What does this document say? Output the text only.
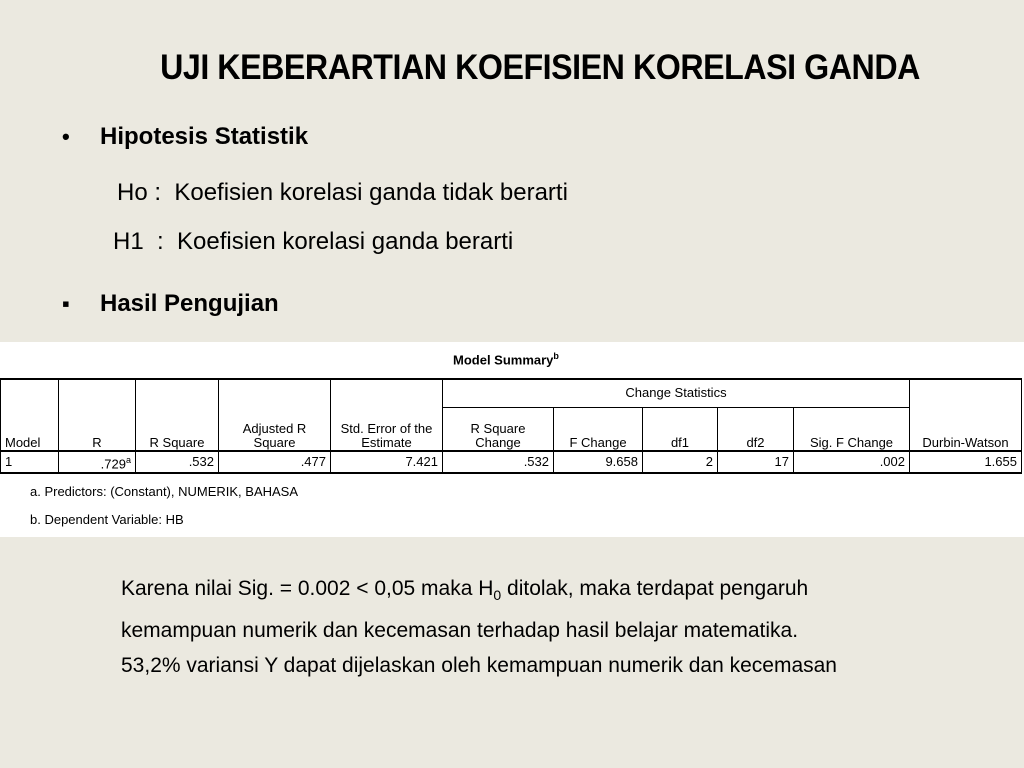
UJI KEBERARTIAN KOEFISIEN KORELASI GANDA
•	Hipotesis Statistik
Ho :  Koefisien korelasi ganda tidak berarti
H1  :  Koefisien korelasi ganda berarti
▪	Hasil Pengujian
Model Summary$^b$
Model	R	R Square	Adjusted R Square	Std. Error of the Estimate	Change Statistics					Durbin-Watson
					R Square Change	F Change	df1	df2	Sig. F Change	
1	.729$^a$	.532	.477	7.421	.532	9.658	2	17	.002	1.655
a. Predictors: (Constant), NUMERIK, BAHASA
b. Dependent Variable: HB
Karena nilai Sig. = 0.002 < 0,05 maka $H_0$ ditolak, maka terdapat pengaruh
kemampuan numerik dan kecemasan terhadap hasil belajar matematika.
53,2% variansi Y dapat dijelaskan oleh kemampuan numerik dan kecemasan
